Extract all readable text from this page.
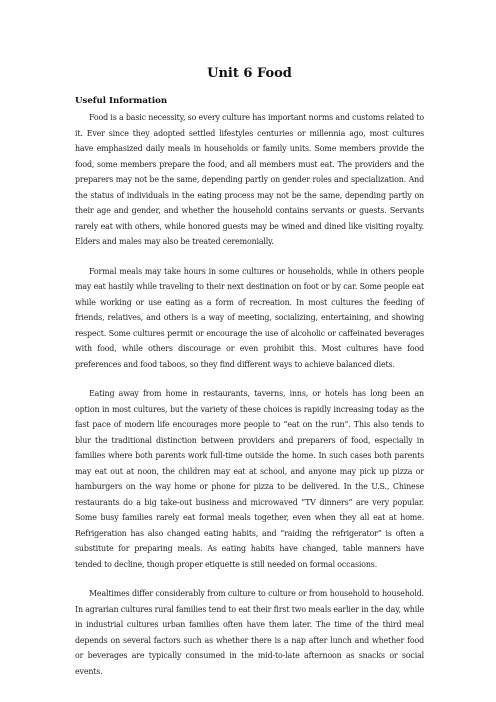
Unit 6 Food
Useful Information

Food is a basic necessity, so every culture has important norms and customs related to it. Ever since they adopted settled lifestyles centuries or millennia ago, most cultures have emphasized daily meals in households or family units. Some members provide the food, some members prepare the food, and all members must eat. The providers and the preparers may not be the same, depending partly on gender roles and specialization. And the status of individuals in the eating process may not be the same, depending partly on their age and gender, and whether the household contains servants or guests. Servants rarely eat with others, while honored guests may be wined and dined like visiting royalty. Elders and males may also be treated ceremonially.

Formal meals may take hours in some cultures or households, while in others people may eat hastily while traveling to their next destination on foot or by car. Some people eat while working or use eating as a form of recreation. In most cultures the feeding of friends, relatives, and others is a way of meeting, socializing, entertaining, and showing respect. Some cultures permit or encourage the use of alcoholic or caffeinated beverages with food, while others discourage or even prohibit this. Most cultures have food preferences and food taboos, so they find different ways to achieve balanced diets.

Eating away from home in restaurants, taverns, inns, or hotels has long been an option in most cultures, but the variety of these choices is rapidly increasing today as the fast pace of modern life encourages more people to “eat on the run”. This also tends to blur the traditional distinction between providers and preparers of food, especially in families where both parents work full-time outside the home. In such cases both parents may eat out at noon, the children may eat at school, and anyone may pick up pizza or hamburgers on the way home or phone for pizza to be delivered. In the U.S., Chinese restaurants do a big take-out business and microwaved “TV dinners” are very popular. Some busy families rarely eat formal meals together, even when they all eat at home. Refrigeration has also changed eating habits, and “raiding the refrigerator” is often a substitute for preparing meals. As eating habits have changed, table manners have tended to decline, though proper etiquette is still needed on formal occasions.

Mealtimes differ considerably from culture to culture or from household to household. In agrarian cultures rural families tend to eat their first two meals earlier in the day, while in industrial cultures urban families often have them later. The time of the third meal depends on several factors such as whether there is a nap after lunch and whether food or beverages are typically consumed in the mid-to-late afternoon as snacks or social events.
